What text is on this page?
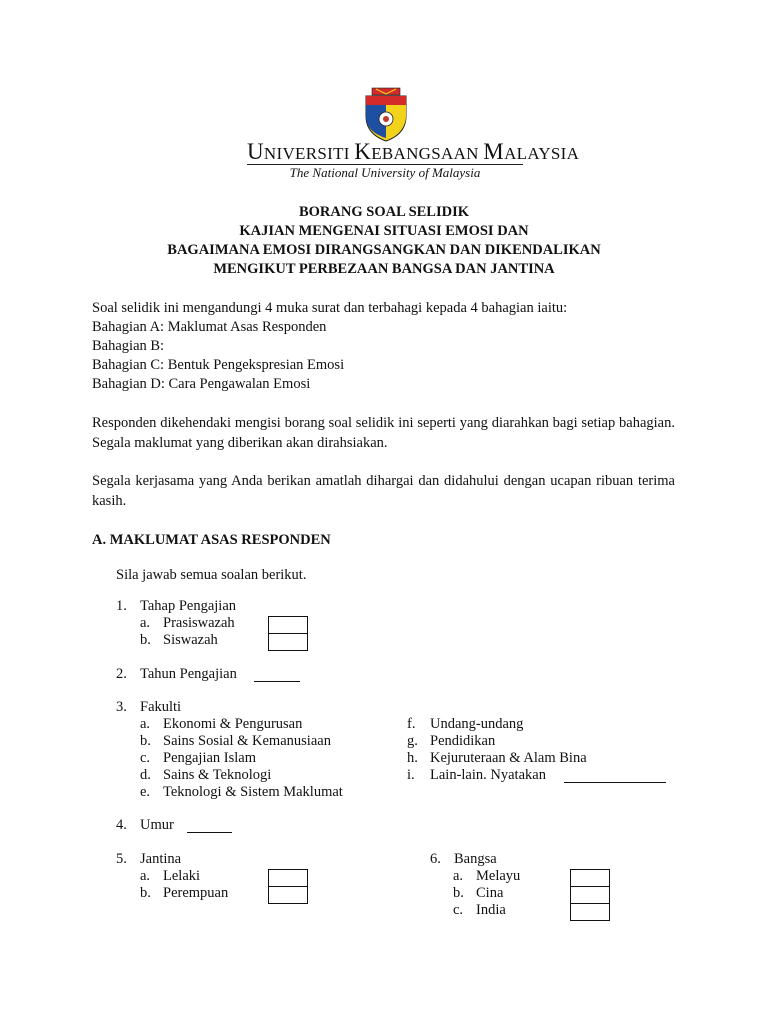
UNIVERSITI KEBANGSAAN MALAYSIA
The National University of Malaysia
BORANG SOAL SELIDIK
KAJIAN MENGENAI SITUASI EMOSI DAN
BAGAIMANA EMOSI DIRANGSANGKAN DAN DIKENDALIKAN
MENGIKUT PERBEZAAN BANGSA DAN JANTINA
Soal selidik ini mengandungi 4 muka surat dan terbahagi kepada 4 bahagian iaitu:
Bahagian A: Maklumat Asas Responden
Bahagian B:
Bahagian C: Bentuk Pengekspresian Emosi
Bahagian D: Cara Pengawalan Emosi
Responden dikehendaki mengisi borang soal selidik ini seperti yang diarahkan bagi setiap bahagian. Segala maklumat yang diberikan akan dirahsiakan.
Segala kerjasama yang Anda berikan amatlah dihargai dan didahului dengan ucapan ribuan terima kasih.
A. MAKLUMAT ASAS RESPONDEN
Sila jawab semua soalan berikut.
1. Tahap Pengajian
a. Prasiswazah
b. Siswazah
2. Tahun Pengajian
3. Fakulti
a. Ekonomi & Pengurusan
b. Sains Sosial & Kemanusiaan
c. Pengajian Islam
d. Sains & Teknologi
e. Teknologi & Sistem Maklumat
f. Undang-undang
g. Pendidikan
h. Kejuruteraan & Alam Bina
i. Lain-lain. Nyatakan
4. Umur
5. Jantina
a. Lelaki
b. Perempuan
6. Bangsa
a. Melayu
b. Cina
c. India
